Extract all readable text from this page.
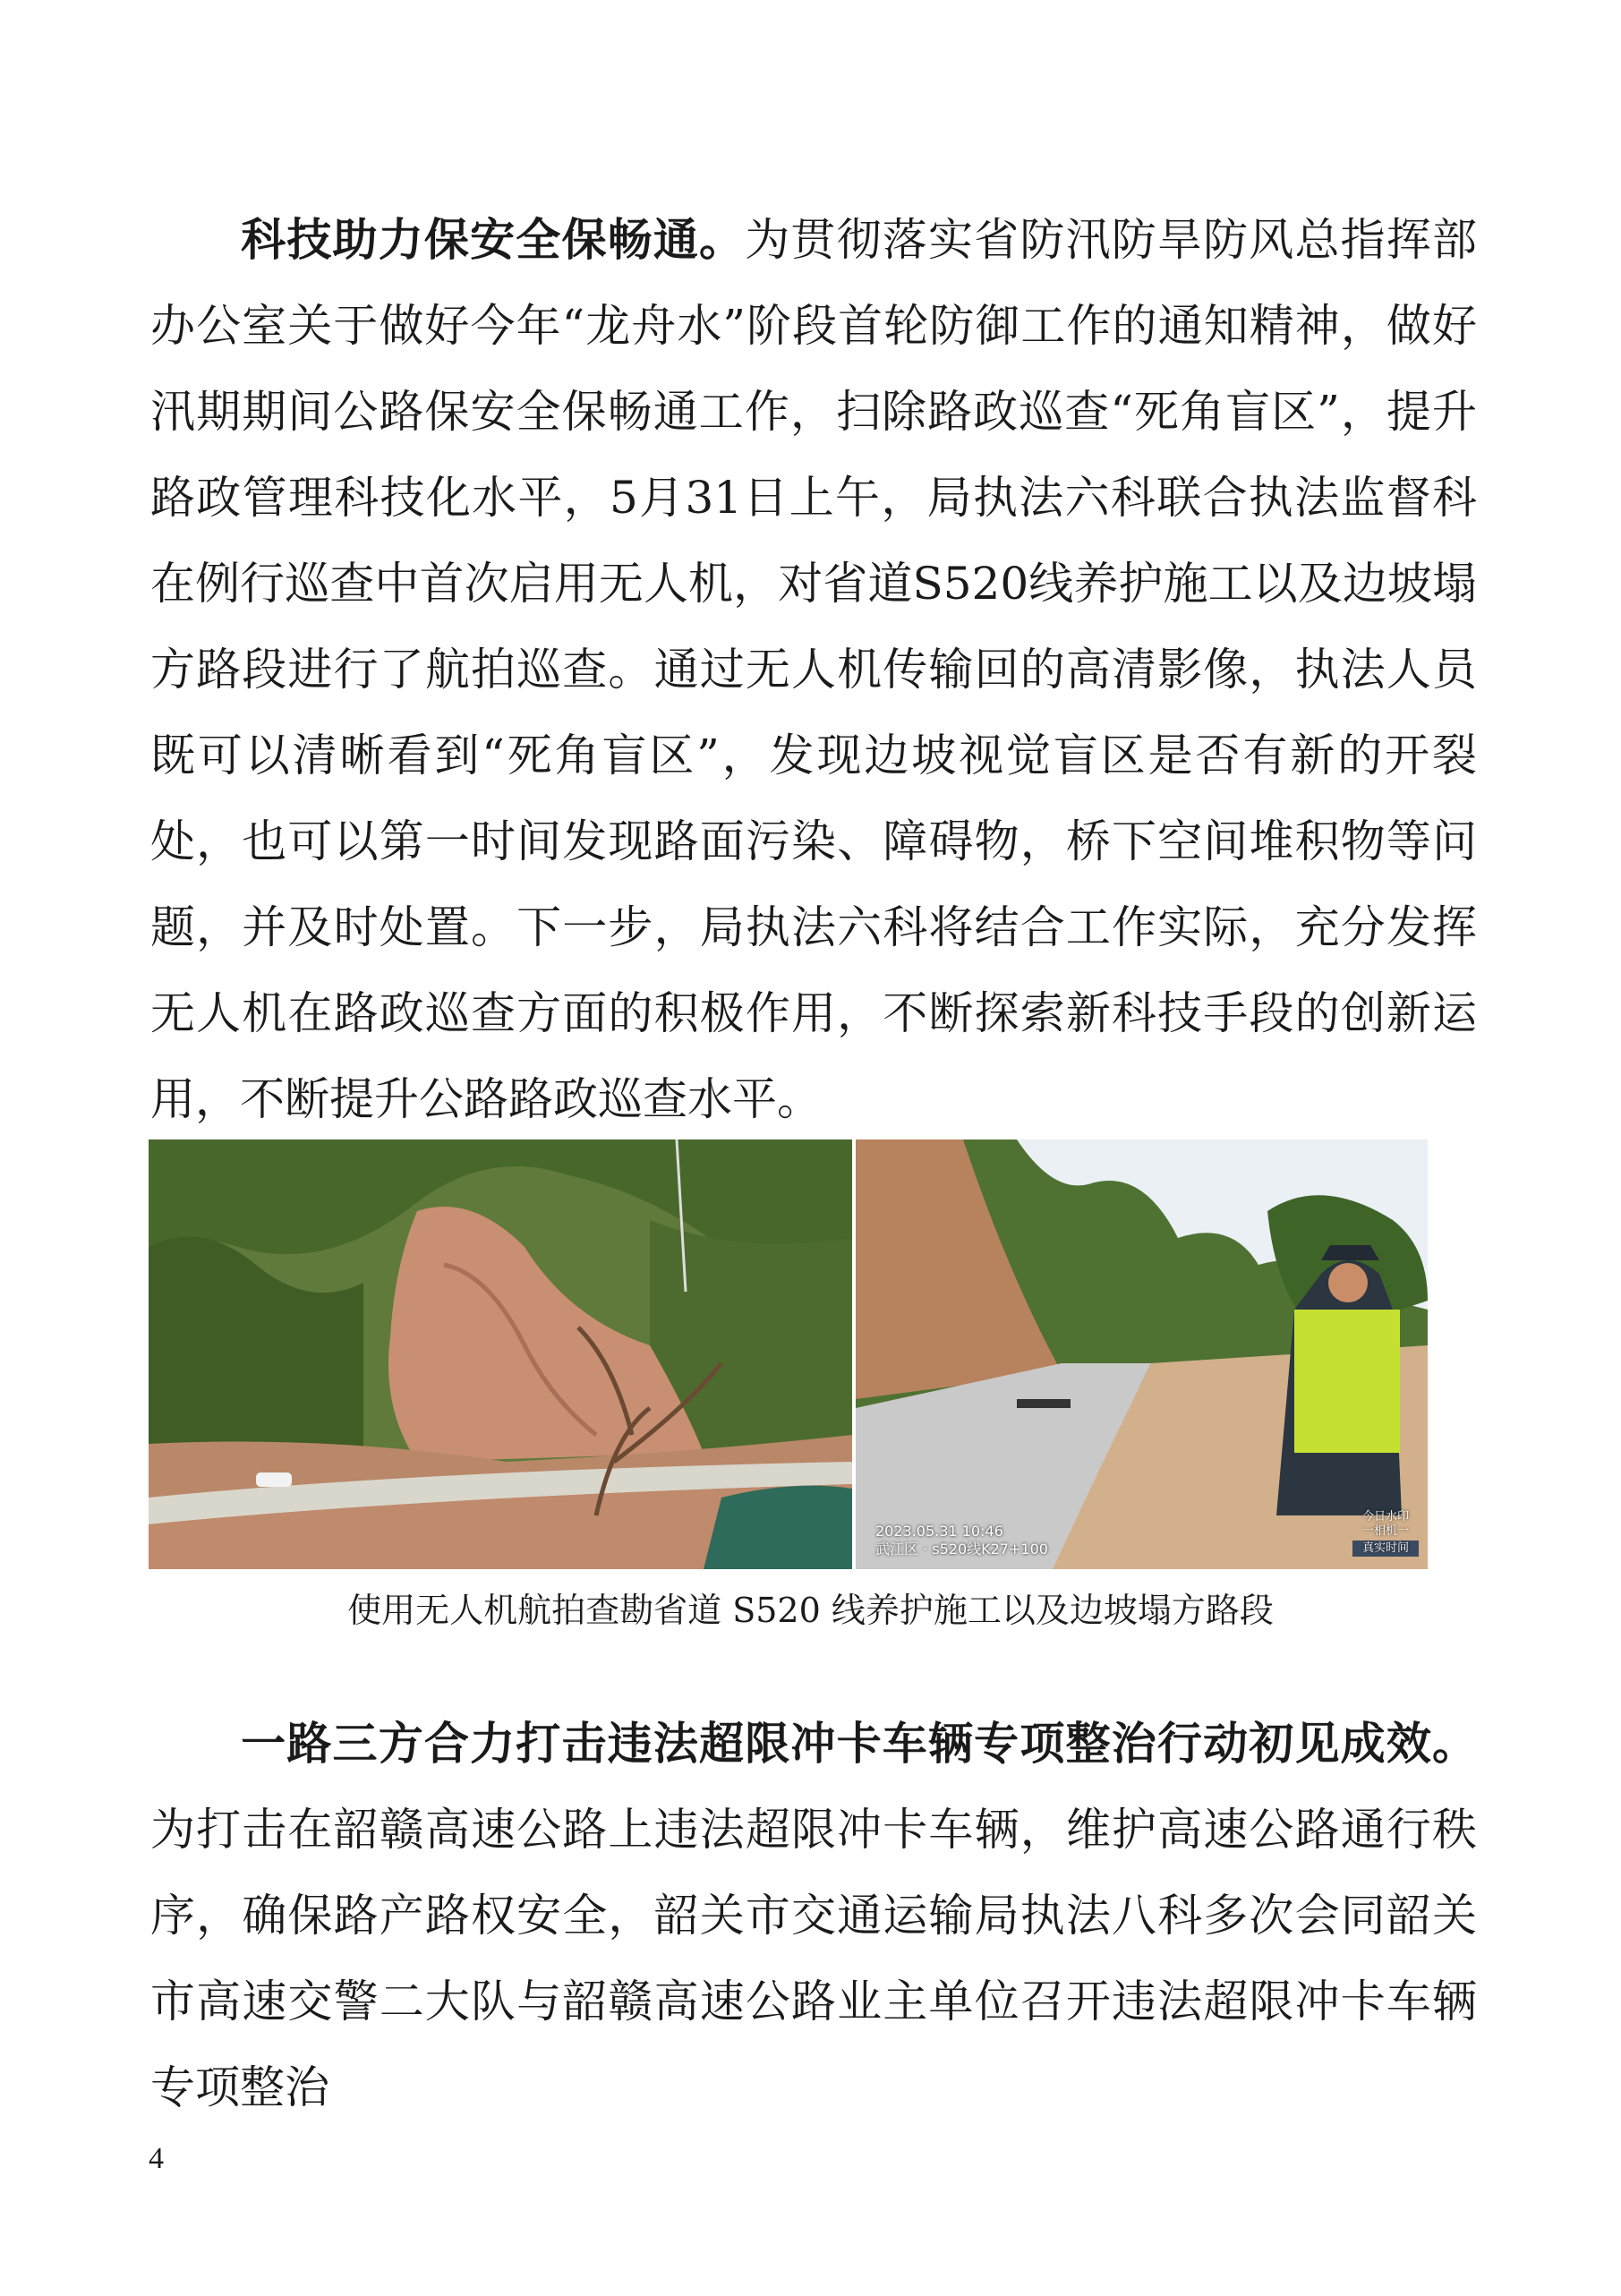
科技助力保安全保畅通。为贯彻落实省防汛防旱防风总指挥部办公室关于做好今年“龙舟水”阶段首轮防御工作的通知精神，做好汛期期间公路保安全保畅通工作，扫除路政巡查“死角盲区”，提升路政管理科技化水平，5月31日上午，局执法六科联合执法监督科在例行巡查中首次启用无人机，对省道S520线养护施工以及边坡塌方路段进行了航拍巡查。通过无人机传输回的高清影像，执法人员既可以清晰看到“死角盲区”，发现边坡视觉盲区是否有新的开裂处，也可以第一时间发现路面污染、障碍物，桥下空间堆积物等问题，并及时处置。下一步，局执法六科将结合工作实际，充分发挥无人机在路政巡查方面的积极作用，不断探索新科技手段的创新运用，不断提升公路路政巡查水平。

2023.05.31 10:46
武江区 · s520线K27+100
今日水印
一相机一
真实时间
使用无人机航拍查勘省道 S520 线养护施工以及边坡塌方路段

一路三方合力打击违法超限冲卡车辆专项整治行动初见成效。为打击在韶赣高速公路上违法超限冲卡车辆，维护高速公路通行秩序，确保路产路权安全，韶关市交通运输局执法八科多次会同韶关市高速交警二大队与韶赣高速公路业主单位召开违法超限冲卡车辆专项整治

4
